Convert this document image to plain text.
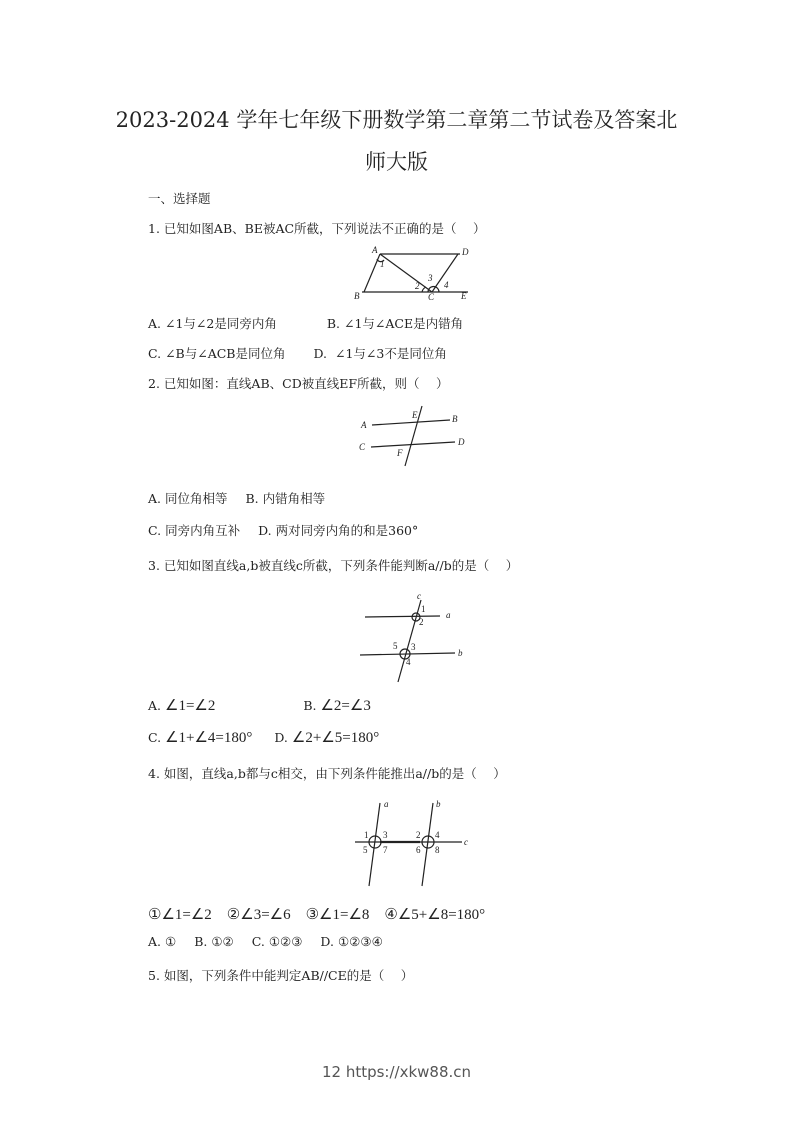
2023-2024 学年七年级下册数学第二章第二节试卷及答案北
师大版
一、选择题
1. 已知如图AB、BE被AC所截，下列说法不正确的是（　 ）
A	D
1
3
2	4
B	C	E
A. ∠1与∠2是同旁内角	B. ∠1与∠ACE是内错角
C. ∠B与∠ACB是同位角 D. ∠1与∠3不是同位角
2. 已知如图：直线AB、CD被直线EF所截，则（　 ）
A
E	B
C
F
D
A. 同位角相等 B. 内错角相等
C. 同旁内角互补 D. 两对同旁内角的和是360°
3. 已知如图直线a,b被直线c所截，下列条件能判断a//b的是（　 ）
c
1
a
2
5 3
b
4
A. ∠1=∠2	B. ∠2=∠3
C. ∠1+∠4=180° D. ∠2+∠5=180°
4. 如图，直线a,b都与c相交，由下列条件能推出a//b的是（　 ）
a	b
1 3	2 4
c
5 7	6 8
①∠1=∠2　②∠3=∠6　③∠1=∠8　④∠5+∠8=180°
A. ① B. ①② C. ①②③ D. ①②③④
5. 如图，下列条件中能判定AB//CE的是（　 ）
12 https://xkw88.cn
